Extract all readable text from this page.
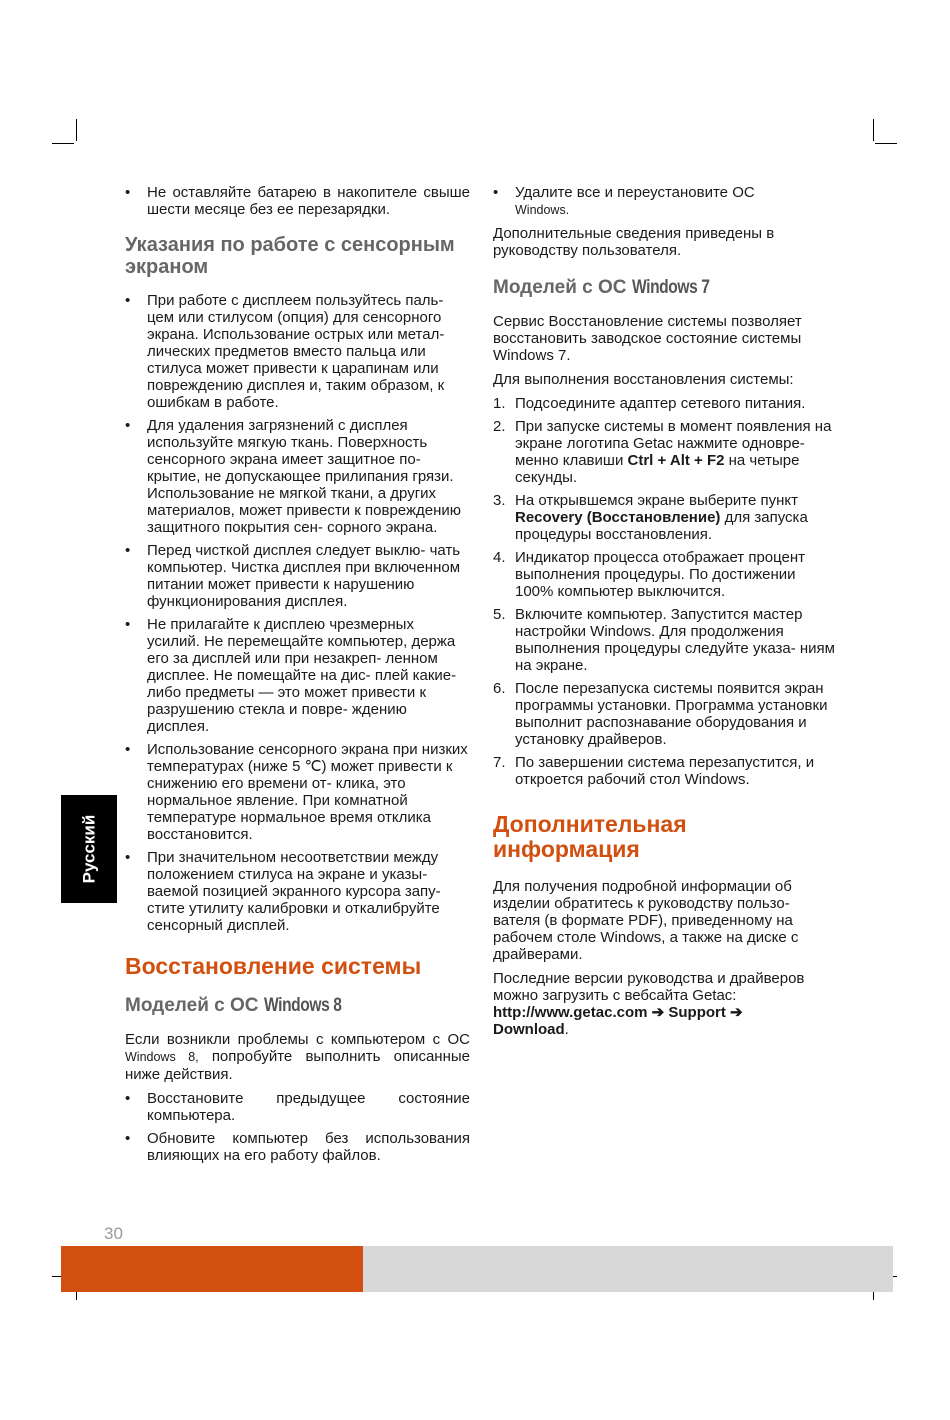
• Не оставляйте батарею в накопителе свыше шести месяце без ее перезарядки.
Указания по работе с сенсорным экраном
• При работе с дисплеем пользуйтесь паль- цем или стилусом (опция) для сенсорного экрана. Использование острых или метал- лических предметов вместо пальца или стилуса может привести к царапинам или повреждению дисплея и, таким образом, к ошибкам в работе.
• Для удаления загрязнений с дисплея используйте мягкую ткань. Поверхность сенсорного экрана имеет защитное по- крытие, не допускающее прилипания грязи. Использование не мягкой ткани, а других материалов, может привести к повреждению защитного покрытия сен- сорного экрана.
• Перед чисткой дисплея следует выклю- чать компьютер. Чистка дисплея при включенном питании может привести к нарушению функционирования дисплея.
• Не прилагайте к дисплею чрезмерных усилий. Не перемещайте компьютер, держа его за дисплей или при незакреп- ленном дисплее. Не помещайте на дис- плей какие-либо предметы — это может привести к разрушению стекла и повре- ждению дисплея.
• Использование сенсорного экрана при низких температурах (ниже 5 ℃) может привести к снижению его времени от- клика, это нормальное явление. При комнатной температуре нормальное время отклика восстановится.
• При значительном несоответствии между положением стилуса на экране и указы- ваемой позицией экранного курсора запу- стите утилиту калибровки и откалибруйте сенсорный дисплей.
Восстановление системы
Моделей с ОС Windows 8

Если возникли проблемы с компьютером с ОС Windows 8, попробуйте выполнить описанные ниже действия.

• Восстановите предыдущее состояние компьютера.
• Обновите компьютер без использования влияющих на его работу файлов.
• Удалите все и переустановите ОС
Windows.

Дополнительные сведения приведены в руководству пользователя.

Моделей с ОС Windows 7

Сервис Восстановление системы позволяет восстановить заводское состояние системы Windows 7.

Для выполнения восстановления системы:

1. Подсоедините адаптер сетевого питания.
2. При запуске системы в момент появления на экране логотипа Getac нажмите одновре- менно клавиши Ctrl + Alt + F2 на четыре секунды.
3. На открывшемся экране выберите пункт Recovery (Восстановление) для запуска процедуры восстановления.
4. Индикатор процесса отображает процент выполнения процедуры. По достижении 100% компьютер выключится.
5. Включите компьютер. Запустится мастер настройки Windows. Для продолжения выполнения процедуры следуйте указа- ниям на экране.
6. После перезапуска системы появится экран программы установки. Программа установки выполнит распознавание оборудования и установку драйверов.
7. По завершении система перезапустится, и откроется рабочий стол Windows.
Дополнительная информация

Для получения подробной информации об изделии обратитесь к руководству пользо- вателя (в формате PDF), приведенному на рабочем столе Windows, а также на диске с драйверами.

Последние версии руководства и драйверов можно загрузить с вебсайта Getac:
http://www.getac.com ➔ Support ➔
Download.

Русский
30
